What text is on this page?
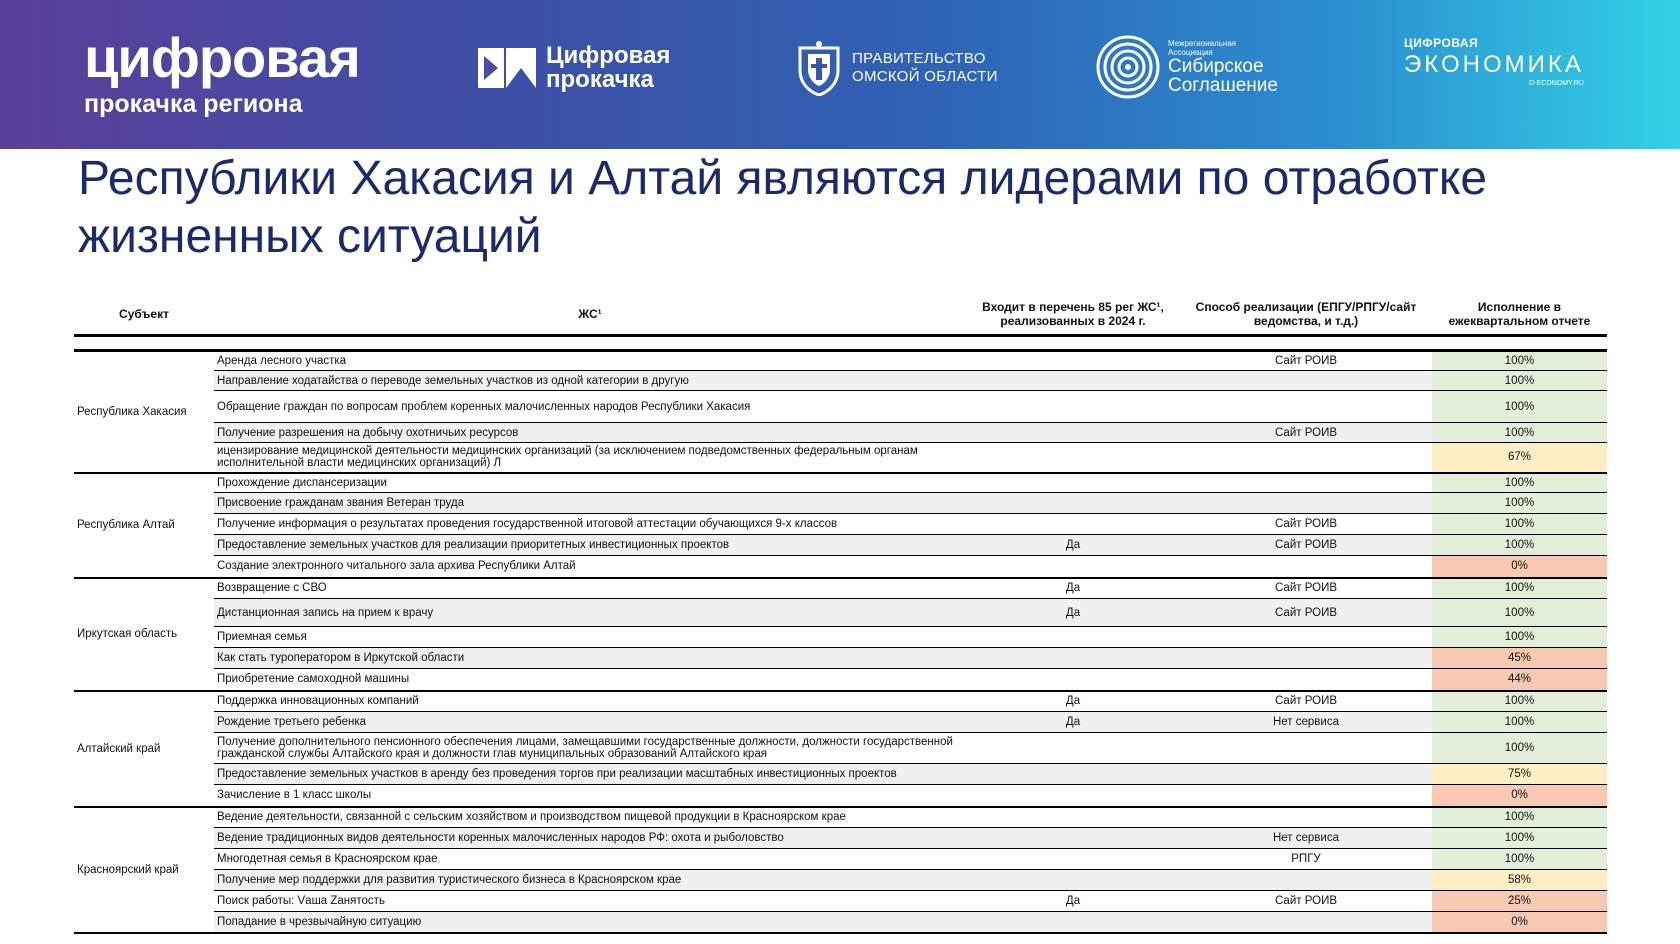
цифровая
прокачка региона
Цифровая
прокачка
ПРАВИТЕЛЬСТВО
ОМСКОЙ ОБЛАСТИ
Межрегиональная
Ассоциация
Сибирское
Соглашение
ЦИФРОВАЯ
ЭКОНОМИКА
D-ECONOMY.RU
Республики Хакасия и Алтай являются лидерами по отработке жизненных ситуаций
Субъект	ЖС¹	Входит в перечень 85 рег ЖС¹, реализованных в 2024 г.	Способ реализации (ЕПГУ/РПГУ/сайт ведомства, и т.д.)	Исполнение в ежеквартальном отчете

Республика Хакасия	Аренда лесного участка		Сайт РОИВ	100%
	Направление ходатайства о переводе земельных участков из одной категории в другую			100%
	Обращение граждан по вопросам проблем коренных малочисленных народов Республики Хакасия			100%
	Получение разрешения на добычу охотничьих ресурсов		Сайт РОИВ	100%
	ицензирование медицинской деятельности медицинских организаций (за исключением подведомственных федеральным органам исполнительной власти медицинских организаций) Л			67%
Республика Алтай	Прохождение диспансеризации			100%
	Присвоение гражданам звания Ветеран труда			100%
	Получение информация о результатах проведения государственной итоговой аттестации обучающихся 9-х классов		Сайт РОИВ	100%
	Предоставление земельных участков для реализации приоритетных инвестиционных проектов	Да	Сайт РОИВ	100%
	Создание электронного читального зала архива Республики Алтай			0%
Иркутская область	Возвращение с СВО	Да	Сайт РОИВ	100%
	Дистанционная запись на прием к врачу	Да	Сайт РОИВ	100%
	Приемная семья			100%
	Как стать туроператором в Иркутской области			45%
	Приобретение самоходной машины			44%
Алтайский край	Поддержка инновационных компаний	Да	Сайт РОИВ	100%
	Рождение третьего ребенка	Да	Нет сервиса	100%
	Получение дополнительного пенсионного обеспечения лицами, замещавшими государственные должности, должности государственной гражданской службы Алтайского края и должности глав муниципальных образований Алтайского края			100%
	Предоставление земельных участков в аренду без проведения торгов при реализации масштабных инвестиционных проектов			75%
	Зачисление в 1 класс школы			0%
Красноярский край	Ведение деятельности, связанной с сельским хозяйством и производством пищевой продукции в Красноярском крае			100%
	Ведение традиционных видов деятельности коренных малочисленных народов РФ: охота и рыболовство		Нет сервиса	100%
	Многодетная семья в Красноярском крае		РПГУ	100%
	Получение мер поддержки для развития туристического бизнеса в Красноярском крае			58%
	Поиск работы: Vаша Zанятость	Да	Сайт РОИВ	25%
	Попадание в чрезвычайную ситуацию			0%
